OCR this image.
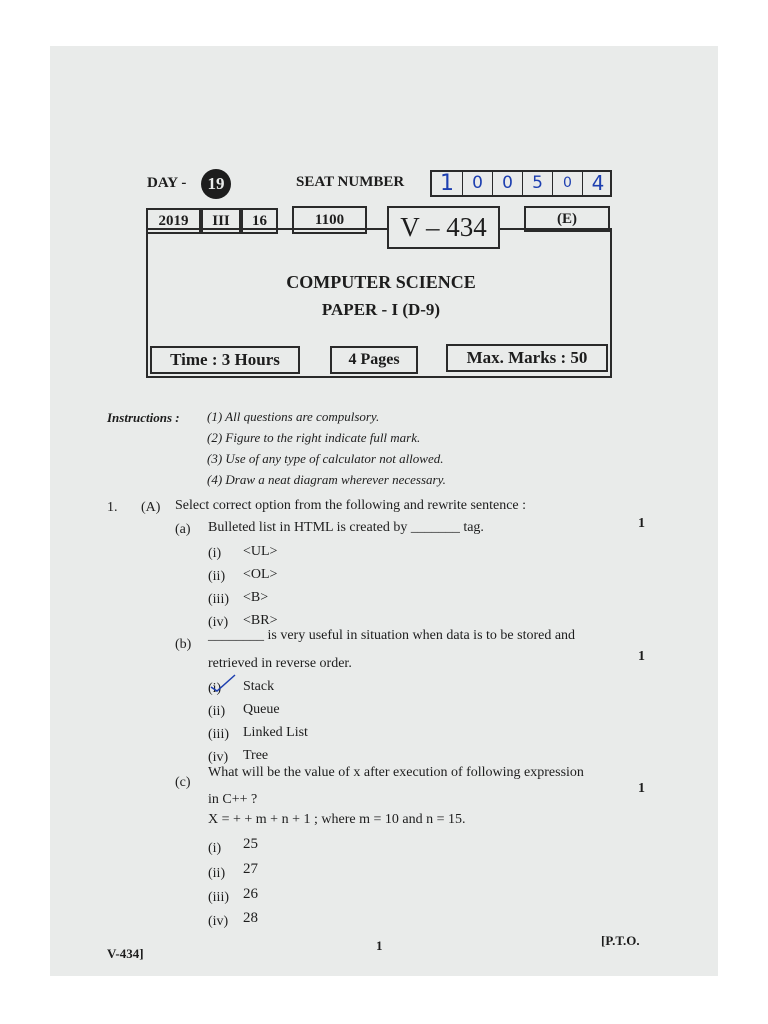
DAY -	19	SEAT NUMBER	1	0	0	5	0 4
2019	III	16	1100	V – 434	(E)
COMPUTER SCIENCE
PAPER - I (D-9)
Time : 3 Hours	4 Pages	Max. Marks : 50
Instructions : (1) All questions are compulsory.
(2) Figure to the right indicate full mark.
(3) Use of any type of calculator not allowed.
(4) Draw a neat diagram wherever necessary.
1. (A) Select correct option from the following and rewrite sentence :
(a) Bulleted list in HTML is created by _______ tag.	1
(i) <UL>
(ii) <OL>
(iii) <B>
(iv) <BR>
(b)
________ is very useful in situation when data is to be stored and
retrieved in reverse order.	1
(i) Stack
(ii) Queue
(iii) Linked List
(iv) Tree
(c)
What will be the value of x after execution of following expression
in C++ ?
1
X = + + m + n + 1 ; where m = 10 and n = 15.
(i) 25
(ii) 27
(iii) 26
(iv) 28
V-434]
1	[P.T.O.
